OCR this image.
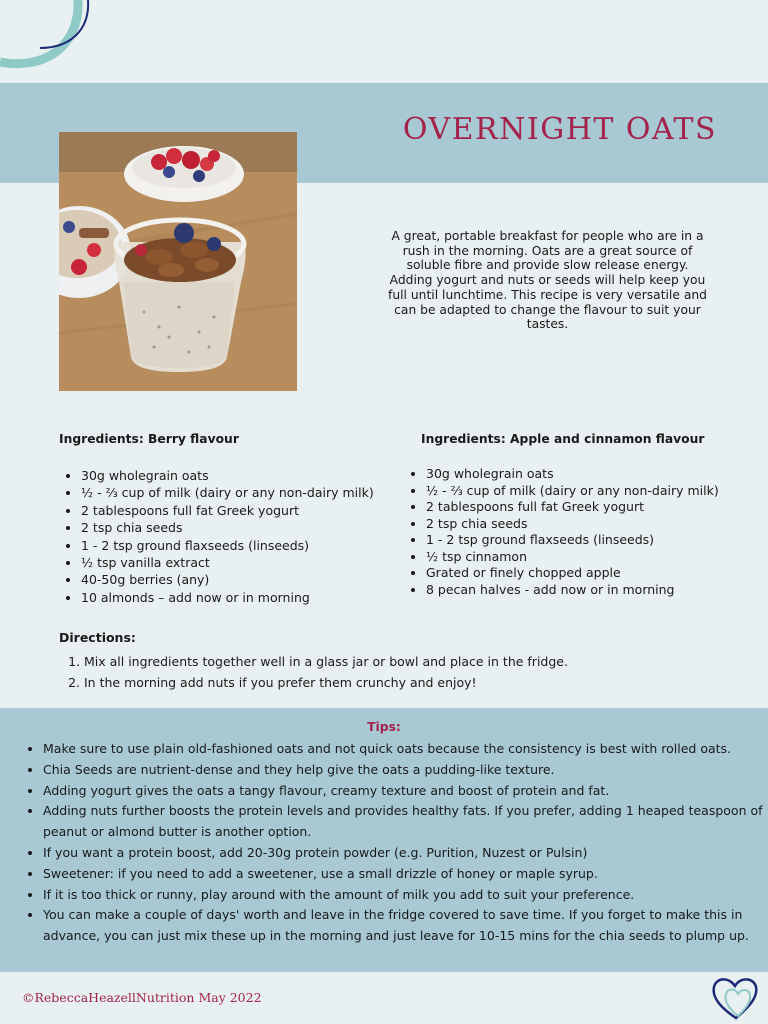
OVERNIGHT OATS
A great, portable breakfast for people who are in a rush in the morning. Oats are a great source of soluble fibre and provide slow release energy. Adding yogurt and nuts or seeds will help keep you full until lunchtime. This recipe is very versatile and can be adapted to change the flavour to suit your tastes.
Ingredients: Berry flavour
• 30g wholegrain oats
• ½ - ⅔ cup of milk (dairy or any non-dairy milk)
• 2 tablespoons full fat Greek yogurt
• 2 tsp chia seeds
• 1 - 2 tsp ground flaxseeds (linseeds)
• ½ tsp vanilla extract
• 40-50g berries (any)
• 10 almonds – add now or in morning
Ingredients: Apple and cinnamon flavour
• 30g wholegrain oats
• ½ - ⅔ cup of milk (dairy or any non-dairy milk)
• 2 tablespoons full fat Greek yogurt
• 2 tsp chia seeds
• 1 - 2 tsp ground flaxseeds (linseeds)
• ½ tsp cinnamon
• Grated or finely chopped apple
• 8 pecan halves - add now or in morning
Directions:
1. Mix all ingredients together well in a glass jar or bowl and place in the fridge.
2. In the morning add nuts if you prefer them crunchy and enjoy!
Tips:
• Make sure to use plain old-fashioned oats and not quick oats because the consistency is best with rolled oats.
• Chia Seeds are nutrient-dense and they help give the oats a pudding-like texture.
• Adding yogurt gives the oats a tangy flavour, creamy texture and boost of protein and fat.
• Adding nuts further boosts the protein levels and provides healthy fats. If you prefer, adding 1 heaped teaspoon of peanut or almond butter is another option.
• If you want a protein boost, add 20-30g protein powder (e.g. Purition, Nuzest or Pulsin)
• Sweetener: if you need to add a sweetener, use a small drizzle of honey or maple syrup.
• If it is too thick or runny, play around with the amount of milk you add to suit your preference.
• You can make a couple of days' worth and leave in the fridge covered to save time. If you forget to make this in advance, you can just mix these up in the morning and just leave for 10-15 mins for the chia seeds to plump up.
©RebeccaHeazellNutrition May 2022
